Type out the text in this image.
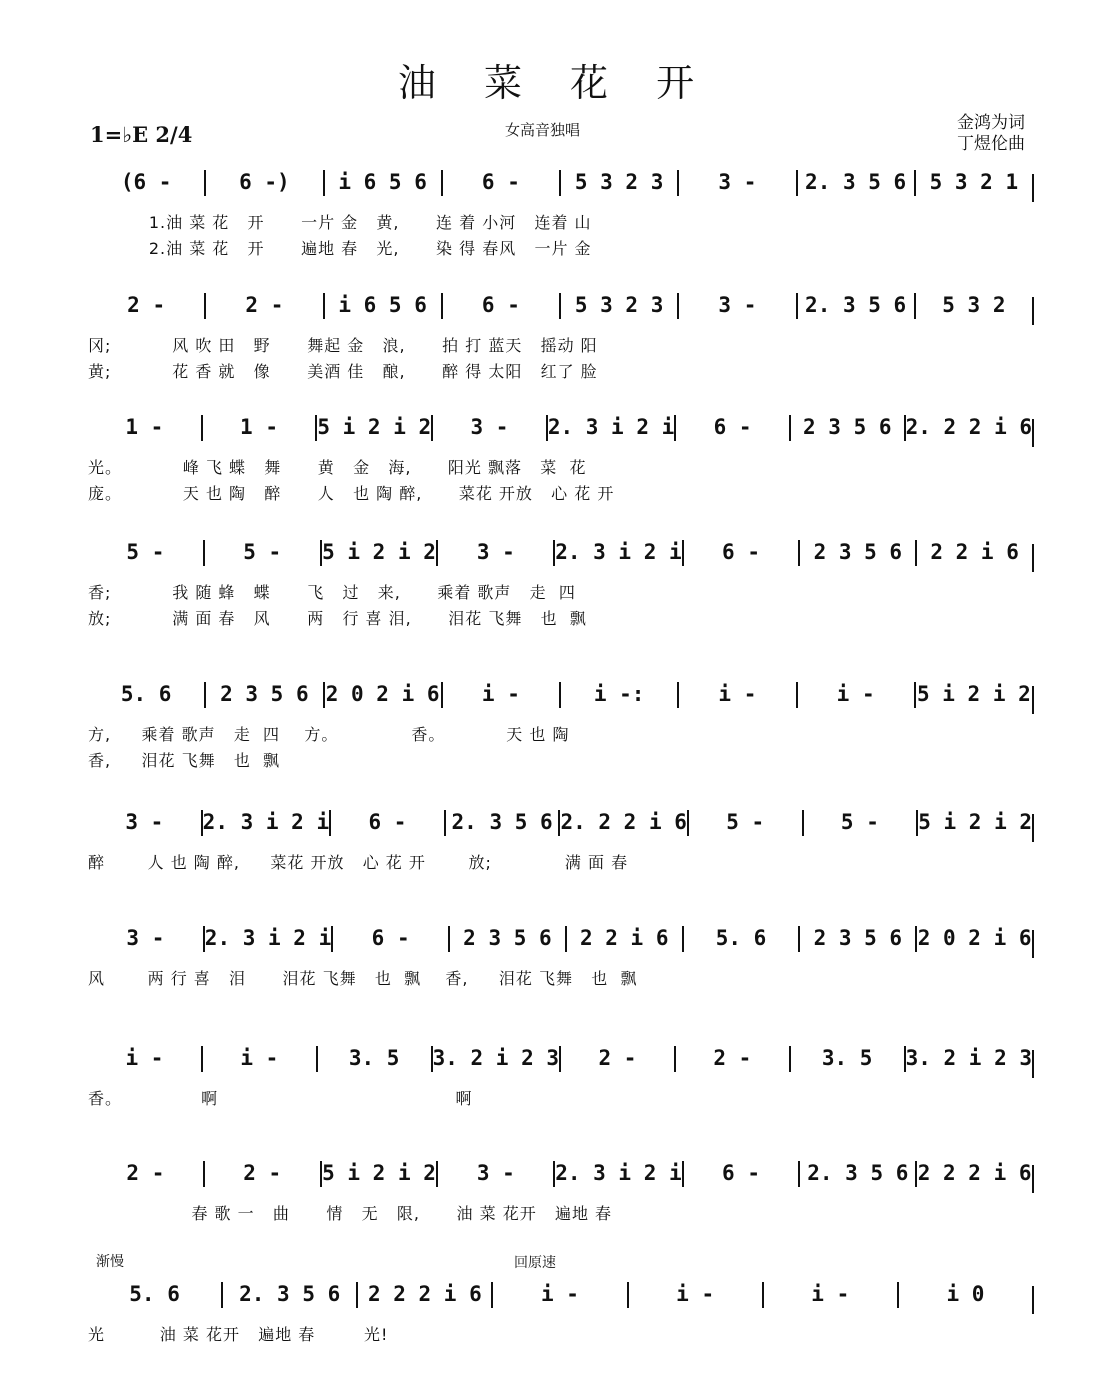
油 菜 花 开
1=♭E 2/4	女高音独唱	金鸿为词
丁煜伦曲
渐慢	回原速
(6 -	6 -)	i 6 5 6	6 -	5 3 2 3	3 -	2. 3 5 6	5 3 2 1
1.油 菜 花   开      一片 金   黄,      连 着 小河   连着 山
2.油 菜 花   开      遍地 春   光,      染 得 春风   一片 金
2 -	2 -	i 6 5 6	6 -	5 3 2 3	3 -	2. 3 5 6	5 3 2
冈;          风 吹 田   野      舞起 金   浪,      拍 打 蓝天   摇动 阳
黄;          花 香 就   像      美酒 佳   酿,      醉 得 太阳   红了 脸
1 -	1 -	5 i 2 i 2	3 -	2. 3 i 2 i	6 -	2 3 5 6 2. 2 2 i 6
光。          峰 飞 蝶   舞      黄   金   海,      阳光 飘落   菜  花
庞。          天 也 陶   醉      人   也 陶 醉,      菜花 开放   心 花 开
5 -	5 -	5 i 2 i 2	3 -	2. 3 i 2 i	6 -	2 3 5 6	2 2 i 6
香;          我 随 蜂   蝶      飞   过   来,      乘着 歌声   走  四
放;          满 面 春   风      两   行 喜 泪,      泪花 飞舞   也  飘
5. 6	2 3 5 6 2 0 2 i 6	i -	i -:	i -	i -	5 i 2 i 2
方,     乘着 歌声   走  四    方。            香。          天 也 陶
香,     泪花 飞舞   也  飘
3 -	2. 3 i 2 i	6 -	2. 3 5 6 2. 2 2 i 6	5 -	5 -	5 i 2 i 2
醉       人 也 陶 醉,     菜花 开放   心 花 开       放;            满 面 春
3 -	2. 3 i 2 i	6 -	2 3 5 6	2 2 i 6	5. 6	2 3 5 6 2 0 2 i 6
风       两 行 喜   泪      泪花 飞舞   也  飘    香,     泪花 飞舞   也  飘
i -	i -	3. 5	3. 2 i 2 3	2 -	2 -	3. 5	3. 2 i 2 3
香。             啊                                       啊
2 -	2 -	5 i 2 i 2	3 -	2. 3 i 2 i	6 -	2. 3 5 6 2 2 2 i 6
春 歌 一   曲      情   无   限,      油 菜 花开   遍地 春
5. 6	2. 3 5 6	2 2 2 i 6	i -	i -	i -	i 0
光         油 菜 花开   遍地 春        光!
